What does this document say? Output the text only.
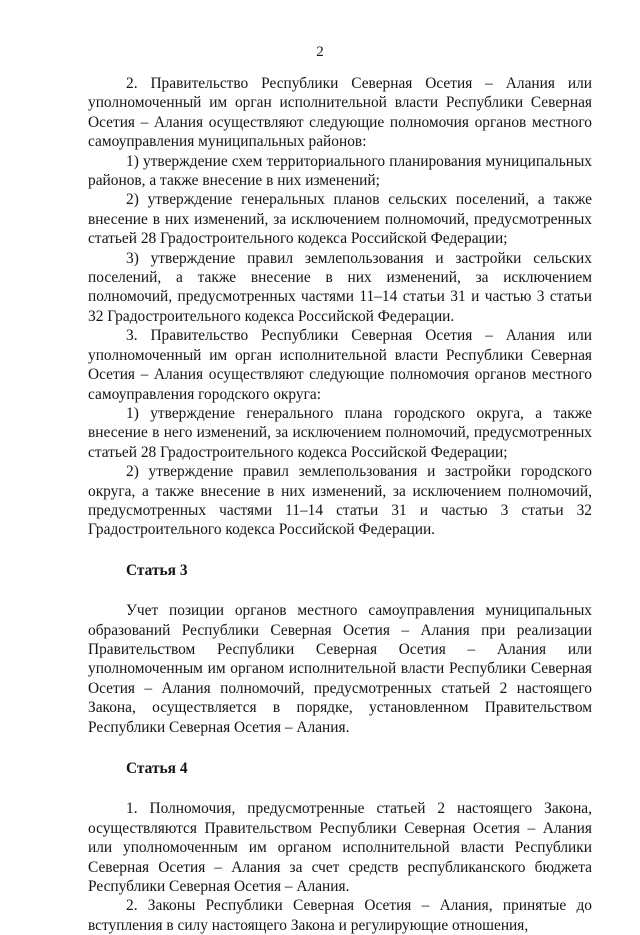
2

2. Правительство Республики Северная Осетия – Алания или уполномоченный им орган исполнительной власти Республики Северная Осетия – Алания осуществляют следующие полномочия органов местного самоуправления муниципальных районов:

1) утверждение схем территориального планирования муниципальных районов, а также внесение в них изменений;

2) утверждение генеральных планов сельских поселений, а также внесение в них изменений, за исключением полномочий, предусмотренных статьей 28 Градостроительного кодекса Российской Федерации;

3) утверждение правил землепользования и застройки сельских поселений, а также внесение в них изменений, за исключением полномочий, предусмотренных частями 11–14 статьи 31 и частью 3 статьи 32 Градостроительного кодекса Российской Федерации.

3. Правительство Республики Северная Осетия – Алания или уполномоченный им орган исполнительной власти Республики Северная Осетия – Алания осуществляют следующие полномочия органов местного самоуправления городского округа:

1) утверждение генерального плана городского округа, а также внесение в него изменений, за исключением полномочий, предусмотренных статьей 28 Градостроительного кодекса Российской Федерации;

2) утверждение правил землепользования и застройки городского округа, а также внесение в них изменений, за исключением полномочий, предусмотренных частями 11–14 статьи 31 и частью 3 статьи 32 Градостроительного кодекса Российской Федерации.

Статья 3

Учет позиции органов местного самоуправления муниципальных образований Республики Северная Осетия – Алания при реализации Правительством Республики Северная Осетия – Алания или уполномоченным им органом исполнительной власти Республики Северная Осетия – Алания полномочий, предусмотренных статьей 2 настоящего Закона, осуществляется в порядке, установленном Правительством Республики Северная Осетия – Алания.

Статья 4

1. Полномочия, предусмотренные статьей 2 настоящего Закона, осуществляются Правительством Республики Северная Осетия – Алания или уполномоченным им органом исполнительной власти Республики Северная Осетия – Алания за счет средств республиканского бюджета Республики Северная Осетия – Алания.

2. Законы Республики Северная Осетия – Алания, принятые до вступления в силу настоящего Закона и регулирующие отношения,
